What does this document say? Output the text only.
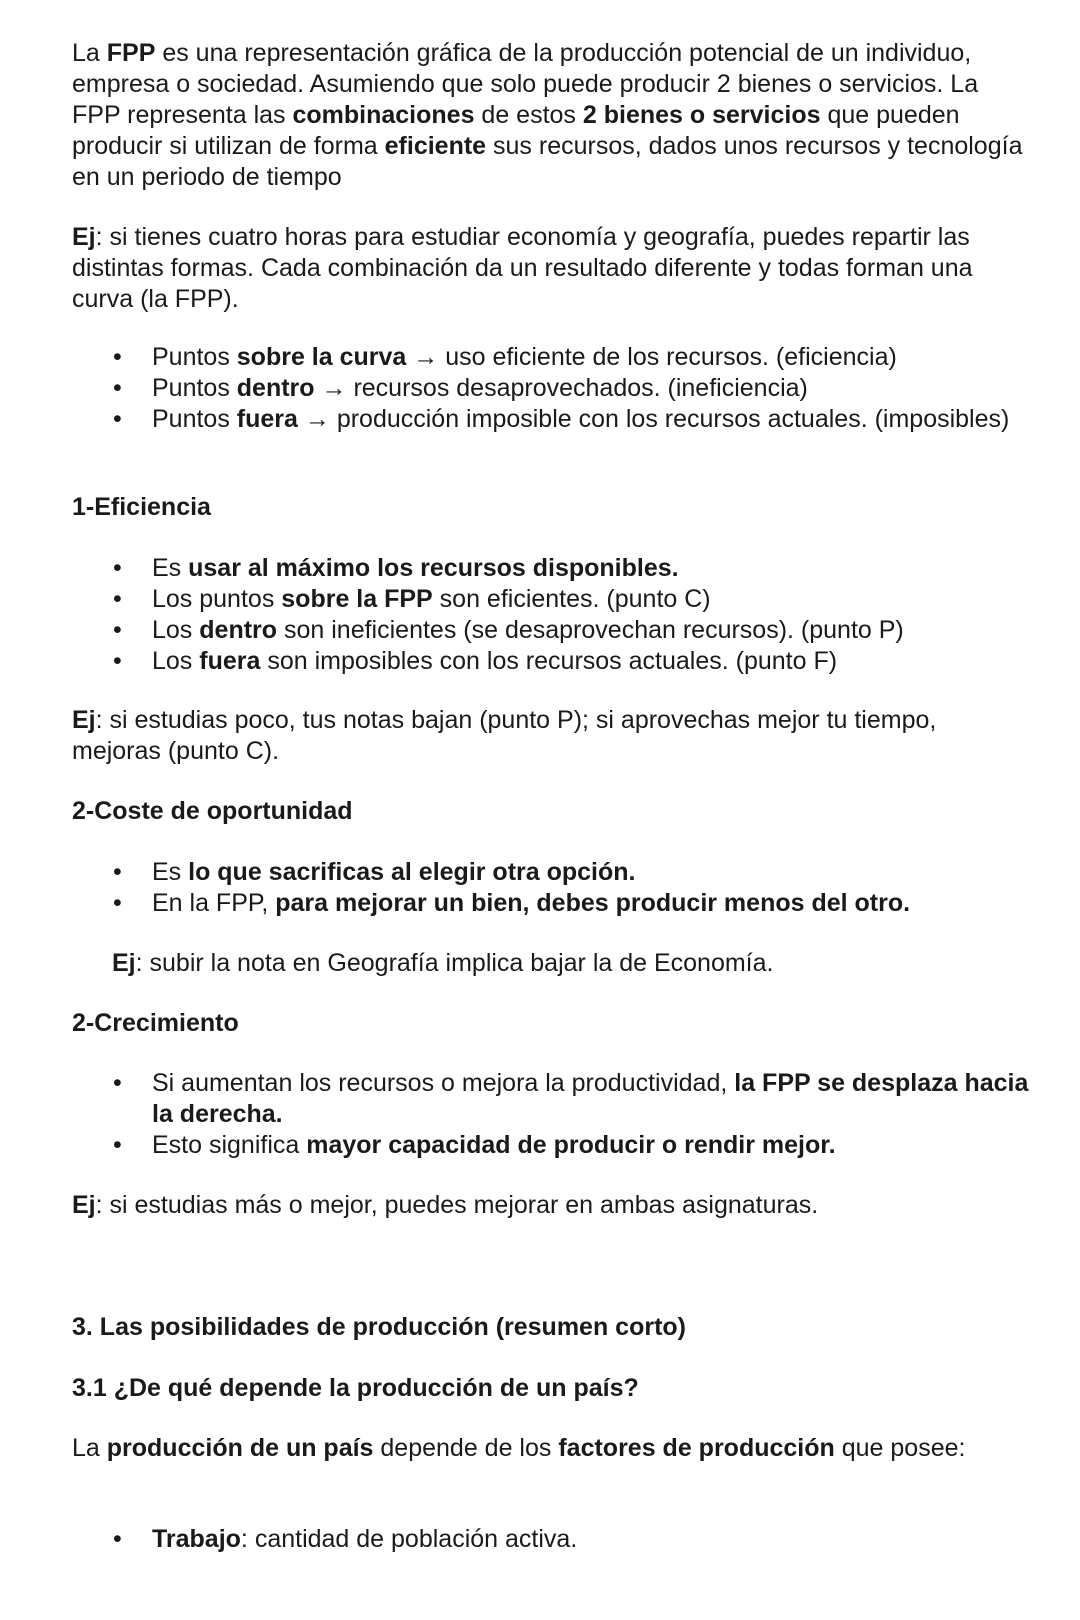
La FPP es una representación gráfica de la producción potencial de un individuo, empresa o sociedad. Asumiendo que solo puede producir 2 bienes o servicios. La FPP representa las combinaciones de estos 2 bienes o servicios que pueden producir si utilizan de forma eficiente sus recursos, dados unos recursos y tecnología en un periodo de tiempo

Ej: si tienes cuatro horas para estudiar economía y geografía, puedes repartir las distintas formas. Cada combinación da un resultado diferente y todas forman una curva (la FPP).

• Puntos sobre la curva → uso eficiente de los recursos. (eficiencia)
• Puntos dentro → recursos desaprovechados. (ineficiencia)
• Puntos fuera → producción imposible con los recursos actuales. (imposibles)

1-Eficiencia

• Es usar al máximo los recursos disponibles.
• Los puntos sobre la FPP son eficientes. (punto C)
• Los dentro son ineficientes (se desaprovechan recursos). (punto P)
• Los fuera son imposibles con los recursos actuales. (punto F)

Ej: si estudias poco, tus notas bajan (punto P); si aprovechas mejor tu tiempo, mejoras (punto C).

2-Coste de oportunidad

• Es lo que sacrificas al elegir otra opción.
• En la FPP, para mejorar un bien, debes producir menos del otro.

Ej: subir la nota en Geografía implica bajar la de Economía.

2-Crecimiento

• Si aumentan los recursos o mejora la productividad, la FPP se desplaza hacia la derecha.
• Esto significa mayor capacidad de producir o rendir mejor.

Ej: si estudias más o mejor, puedes mejorar en ambas asignaturas.

3. Las posibilidades de producción (resumen corto)

3.1 ¿De qué depende la producción de un país?

La producción de un país depende de los factores de producción que posee:

• Trabajo: cantidad de población activa.
